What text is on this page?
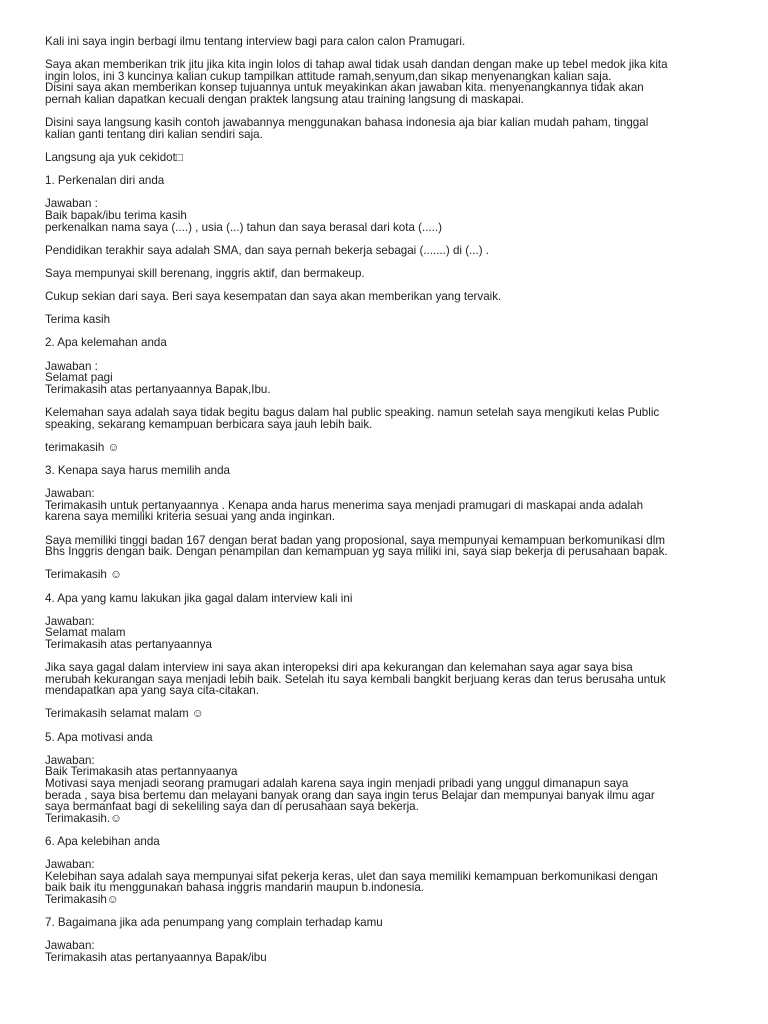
Kali ini saya ingin berbagi ilmu tentang interview bagi para calon calon Pramugari.
Saya akan memberikan trik jitu jika kita ingin lolos di tahap awal tidak usah dandan dengan make up tebel medok jika kita
ingin lolos, ini 3 kuncinya kalian cukup tampilkan attitude ramah,senyum,dan sikap menyenangkan kalian saja.
Disini saya akan memberikan konsep tujuannya untuk meyakinkan akan jawaban kita. menyenangkannya tidak akan
pernah kalian dapatkan kecuali dengan praktek langsung atau training langsung di maskapai.
Disini saya langsung kasih contoh jawabannya menggunakan bahasa indonesia aja biar kalian mudah paham, tinggal
kalian ganti tentang diri kalian sendiri saja.
Langsung aja yuk cekidot□
1. Perkenalan diri anda
Jawaban :
Baik bapak/ibu terima kasih
perkenalkan nama saya (....) , usia (...) tahun dan saya berasal dari kota (.....)
Pendidikan terakhir saya adalah SMA, dan saya pernah bekerja sebagai (.......) di (...) .
Saya mempunyai skill berenang, inggris aktif, dan bermakeup.
Cukup sekian dari saya. Beri saya kesempatan dan saya akan memberikan yang tervaik.
Terima kasih
2. Apa kelemahan anda
Jawaban :
Selamat pagi
Terimakasih atas pertanyaannya Bapak,Ibu.
Kelemahan saya adalah saya tidak begitu bagus dalam hal public speaking. namun setelah saya mengikuti kelas Public
speaking, sekarang kemampuan berbicara saya jauh lebih baik.
terimakasih ☺
3. Kenapa saya harus memilih anda
Jawaban:
Terimakasih untuk pertanyaannya . Kenapa anda harus menerima saya menjadi pramugari di maskapai anda adalah
karena saya memiliki kriteria sesuai yang anda inginkan.
Saya memiliki tinggi badan 167 dengan berat badan yang proposional, saya mempunyai kemampuan berkomunikasi dlm
Bhs Inggris dengan baik. Dengan penampilan dan kemampuan yg saya miliki ini, saya siap bekerja di perusahaan bapak.
Terimakasih ☺
4. Apa yang kamu lakukan jika gagal dalam interview kali ini
Jawaban:
Selamat malam
Terimakasih atas pertanyaannya
Jika saya gagal dalam interview ini saya akan interopeksi diri apa kekurangan dan kelemahan saya agar saya bisa
merubah kekurangan saya menjadi lebih baik. Setelah itu saya kembali bangkit berjuang keras dan terus berusaha untuk
mendapatkan apa yang saya cita-citakan.
Terimakasih selamat malam ☺
5. Apa motivasi anda
Jawaban:
Baik Terimakasih atas pertannyaanya
Motivasi saya menjadi seorang pramugari adalah karena saya ingin menjadi pribadi yang unggul dimanapun saya
berada , saya bisa bertemu dan melayani banyak orang dan saya ingin terus Belajar dan mempunyai banyak ilmu agar
saya bermanfaat bagi di sekeliling saya dan di perusahaan saya bekerja.
Terimakasih.☺
6. Apa kelebihan anda
Jawaban:
Kelebihan saya adalah saya mempunyai sifat pekerja keras, ulet dan saya memiliki kemampuan berkomunikasi dengan
baik baik itu menggunakan bahasa inggris mandarin maupun b.indonesia.
Terimakasih☺
7. Bagaimana jika ada penumpang yang complain terhadap kamu
Jawaban:
Terimakasih atas pertanyaannya Bapak/ibu
